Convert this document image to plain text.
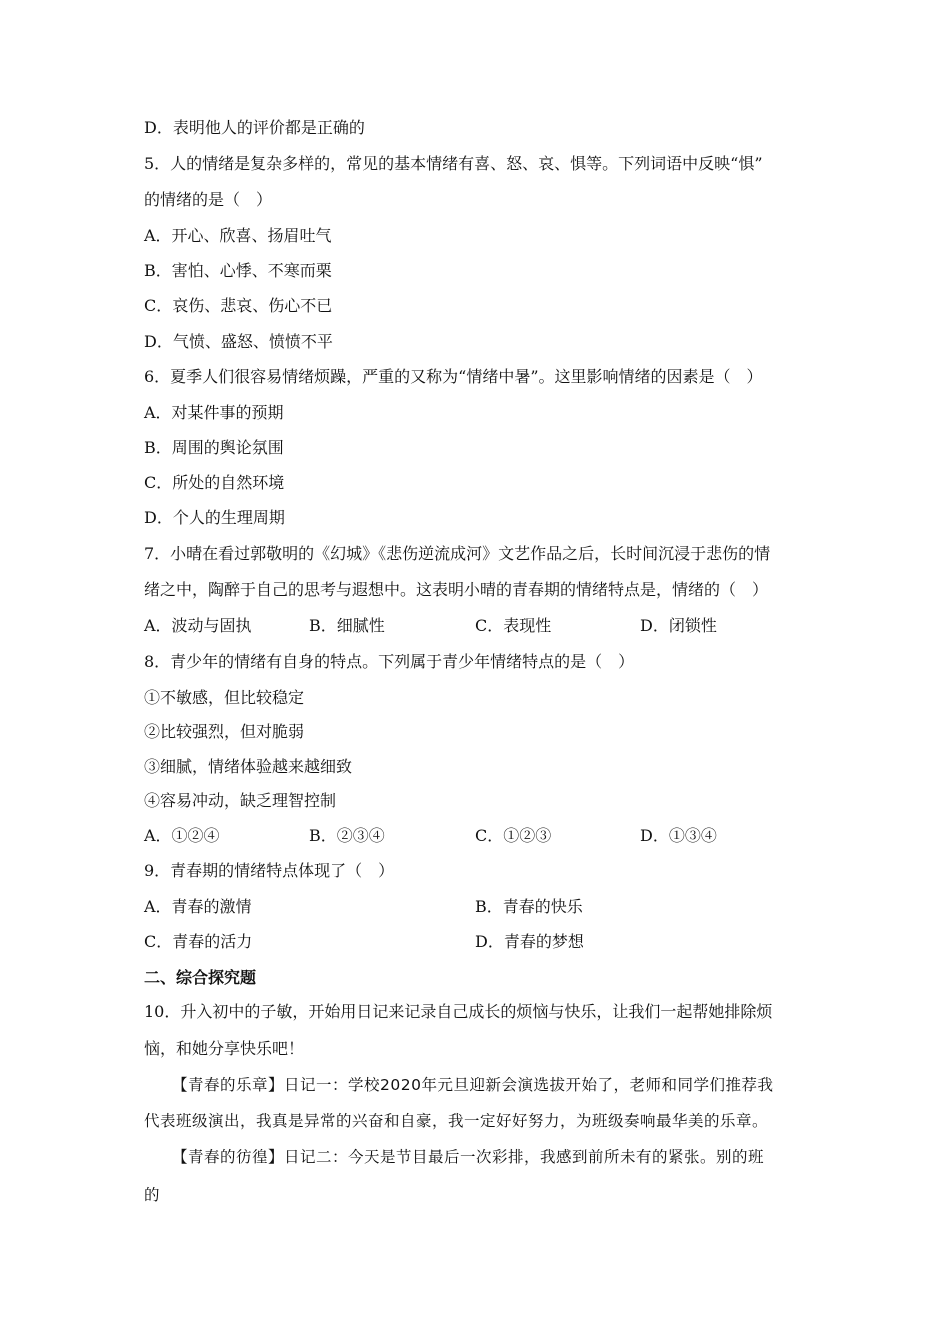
D．表明他人的评价都是正确的

5．人的情绪是复杂多样的，常见的基本情绪有喜、怒、哀、惧等。下列词语中反映“惧”

的情绪的是（　）

A．开心、欣喜、扬眉吐气

B．害怕、心悸、不寒而栗

C．哀伤、悲哀、伤心不已

D．气愤、盛怒、愤愤不平

6．夏季人们很容易情绪烦躁，严重的又称为“情绪中暑”。这里影响情绪的因素是（　）

A．对某件事的预期

B．周围的舆论氛围

C．所处的自然环境

D．个人的生理周期

7．小晴在看过郭敬明的《幻城》《悲伤逆流成河》文艺作品之后，长时间沉浸于悲伤的情

绪之中，陶醉于自己的思考与遐想中。这表明小晴的青春期的情绪特点是，情绪的（　）

A．波动与固执	B．细腻性	C．表现性	D．闭锁性

8．青少年的情绪有自身的特点。下列属于青少年情绪特点的是（　）

①不敏感，但比较稳定

②比较强烈，但对脆弱

③细腻，情绪体验越来越细致

④容易冲动，缺乏理智控制

A．①②④	B．②③④	C．①②③	D．①③④

9．青春期的情绪特点体现了（　）

A．青春的激情	B．青春的快乐

C．青春的活力	D．青春的梦想

二、综合探究题

10．升入初中的子敏，开始用日记来记录自己成长的烦恼与快乐，让我们一起帮她排除烦

恼，和她分享快乐吧！

【青春的乐章】日记一：学校2020年元旦迎新会演选拔开始了，老师和同学们推荐我

代表班级演出，我真是异常的兴奋和自豪，我一定好好努力，为班级奏响最华美的乐章。

【青春的彷徨】日记二：今天是节目最后一次彩排，我感到前所未有的紧张。别的班

的
